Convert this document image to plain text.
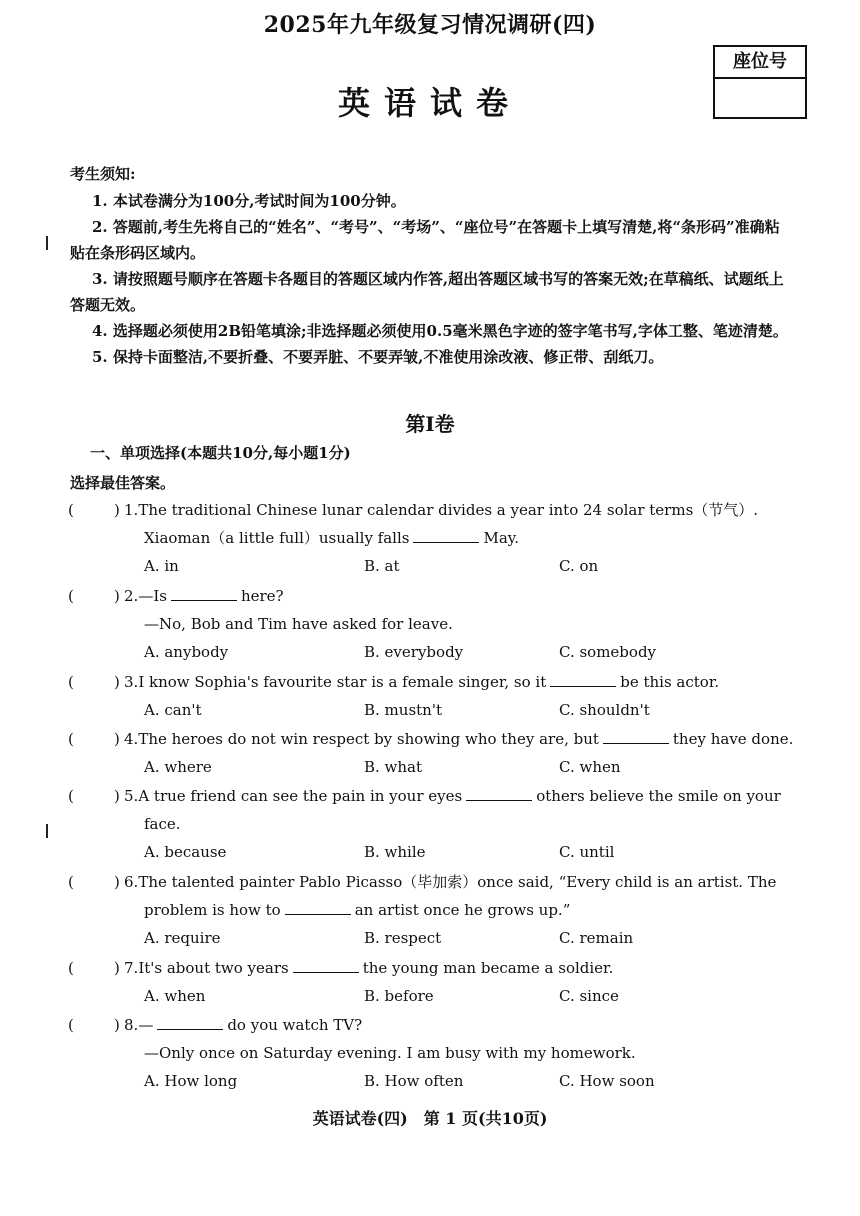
2025年九年级复习情况调研(四)
英语试卷
座位号
考生须知:
1. 本试卷满分为100分,考试时间为100分钟。
2. 答题前,考生先将自己的“姓名”、“考号”、“考场”、“座位号”在答题卡上填写清楚,将“条形码”准确粘贴在条形码区域内。
3. 请按照题号顺序在答题卡各题目的答题区域内作答,超出答题区域书写的答案无效;在草稿纸、试题纸上答题无效。
4. 选择题必须使用2B铅笔填涂;非选择题必须使用0.5毫米黑色字迹的签字笔书写,字体工整、笔迹清楚。
5. 保持卡面整洁,不要折叠、不要弄脏、不要弄皱,不准使用涂改液、修正带、刮纸刀。
第I卷
一、单项选择(本题共10分,每小题1分)
选择最佳答案。
(	) 1.The traditional Chinese lunar calendar divides a year into 24 solar terms（节气）.
Xiaoman（a little full）usually falls	May.
A. in	B. at	C. on
(	) 2.—Is	here?
—No, Bob and Tim have asked for leave.
A. anybody	B. everybody	C. somebody
(	) 3.I know Sophia's favourite star is a female singer, so it	be this actor.
A. can't	B. mustn't	C. shouldn't
(	) 4.The heroes do not win respect by showing who they are, but	they have done.
A. where	B. what	C. when
(	) 5.A true friend can see the pain in your eyes	others believe the smile on your
face.
A. because	B. while	C. until
(	) 6.The talented painter Pablo Picasso（毕加索）once said, “Every child is an artist. The
problem is how to	an artist once he grows up.”
A. require	B. respect	C. remain
(	) 7.It's about two years	the young man became a soldier.
A. when	B. before	C. since
(	) 8.—	do you watch TV?
—Only once on Saturday evening. I am busy with my homework.
A. How long	B. How often	C. How soon
英语试卷(四)　第 1 页(共10页)
